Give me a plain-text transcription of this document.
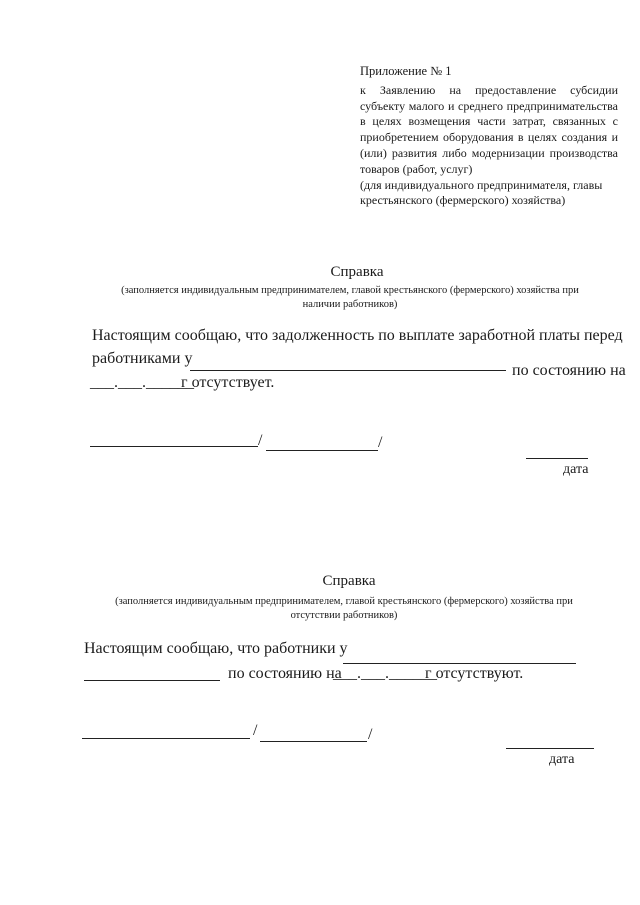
Приложение № 1
к Заявлению на предоставление субсидии
субъекту малого и среднего предпринимательства
в целях возмещения части затрат, связанных с
приобретением оборудования в целях создания и
(или) развития либо модернизации производства
товаров (работ, услуг)
(для индивидуального предпринимателя, главы
крестьянского (фермерского) хозяйства)
Справка
(заполняется индивидуальным предпринимателем, главой крестьянского (фермерского) хозяйства при
наличии работников)
Настоящим сообщаю, что задолженность по выплате заработной платы перед
работниками у
по состоянию на
___.___.______
г отсутствует.
/	/
дата
Справка
(заполняется индивидуальным предпринимателем, главой крестьянского (фермерского) хозяйства при
отсутствии работников)
Настоящим сообщаю, что работники у
по состоянию на
___.___.______
г отсутствуют.
/	/
дата
